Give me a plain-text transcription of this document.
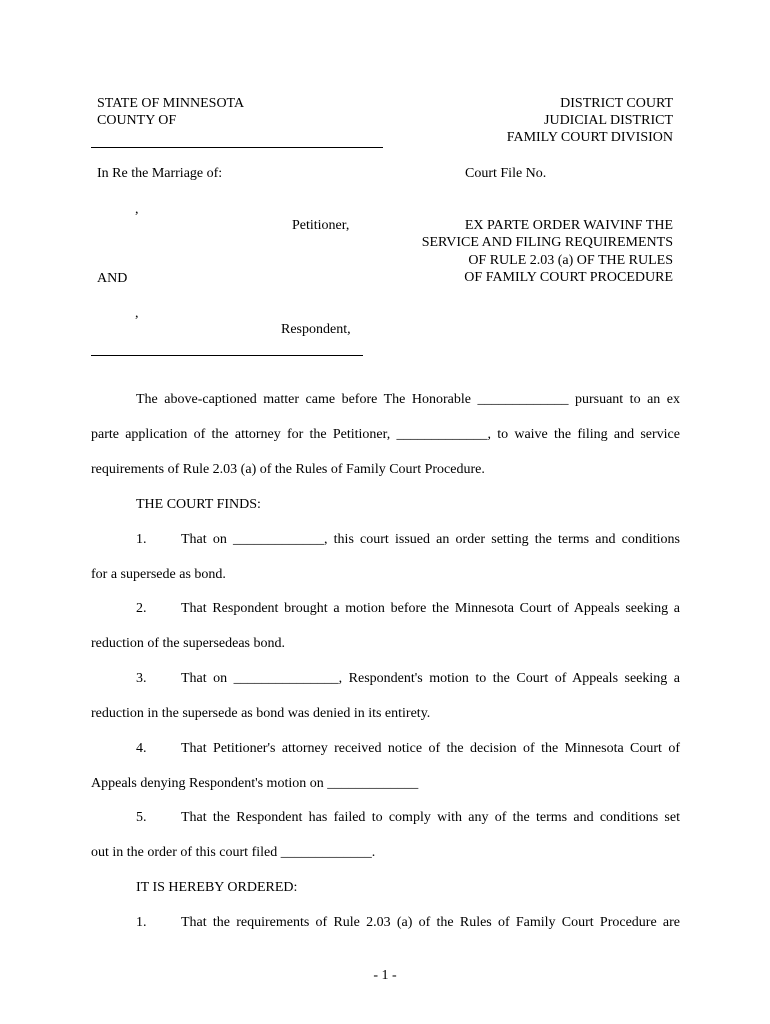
STATE OF MINNESOTA
COUNTY OF
DISTRICT COURT
JUDICIAL DISTRICT
FAMILY COURT DIVISION
In Re the Marriage of:	Court File No.
,
Petitioner,
AND
,
Respondent,
EX PARTE ORDER WAIVINF THE
SERVICE AND FILING REQUIREMENTS
OF RULE 2.03 (a) OF THE RULES
OF FAMILY COURT PROCEDURE
The above-captioned matter came before The Honorable _____________ pursuant to an ex
parte application of the attorney for the Petitioner, _____________, to waive the filing and service
requirements of Rule 2.03 (a) of the Rules of Family Court Procedure.
THE COURT FINDS:
1. That on _____________, this court issued an order setting the terms and conditions
for a supersede as bond.
2. That Respondent brought a motion before the Minnesota Court of Appeals seeking a
reduction of the supersedeas bond.
3. That on _______________, Respondent's motion to the Court of Appeals seeking a
reduction in the supersede as bond was denied in its entirety.
4. That Petitioner's attorney received notice of the decision of the Minnesota Court of
Appeals denying Respondent's motion on _____________
5. That the Respondent has failed to comply with any of the terms and conditions set
out in the order of this court filed _____________.
IT IS HEREBY ORDERED:
1. That the requirements of Rule 2.03 (a) of the Rules of Family Court Procedure are
- 1 -
